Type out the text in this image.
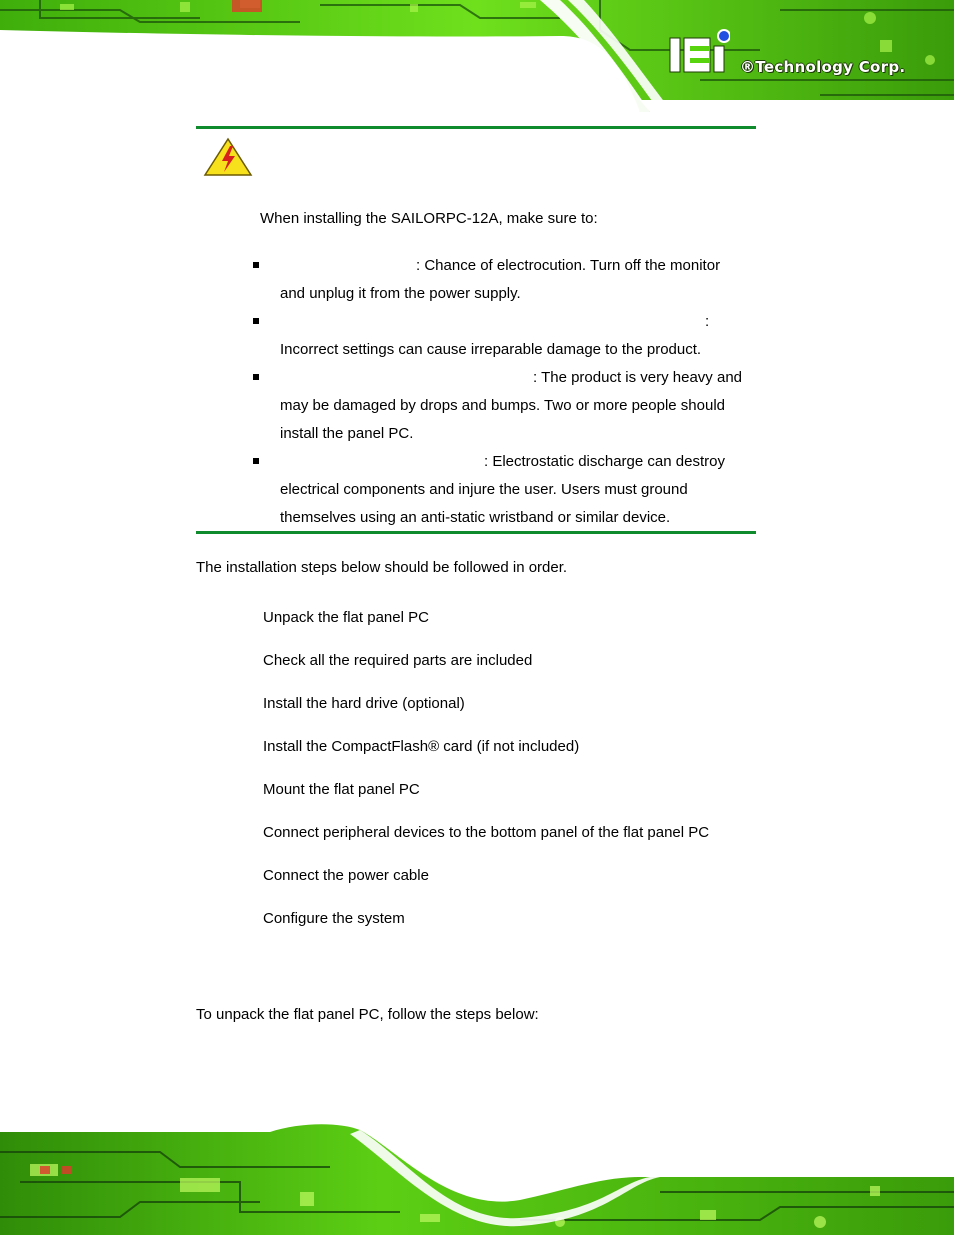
®Technology Corp.
When installing the SAILORPC-12A, make sure to:
: Chance of electrocution. Turn off the monitor
and unplug it from the power supply.
:
Incorrect settings can cause irreparable damage to the product.
: The product is very heavy and
may be damaged by drops and bumps. Two or more people should
install the panel PC.
: Electrostatic discharge can destroy
electrical components and injure the user. Users must ground
themselves using an anti-static wristband or similar device.
The installation steps below should be followed in order.
Unpack the flat panel PC
Check all the required parts are included
Install the hard drive (optional)
Install the CompactFlash® card (if not included)
Mount the flat panel PC
Connect peripheral devices to the bottom panel of the flat panel PC
Connect the power cable
Configure the system
To unpack the flat panel PC, follow the steps below:
